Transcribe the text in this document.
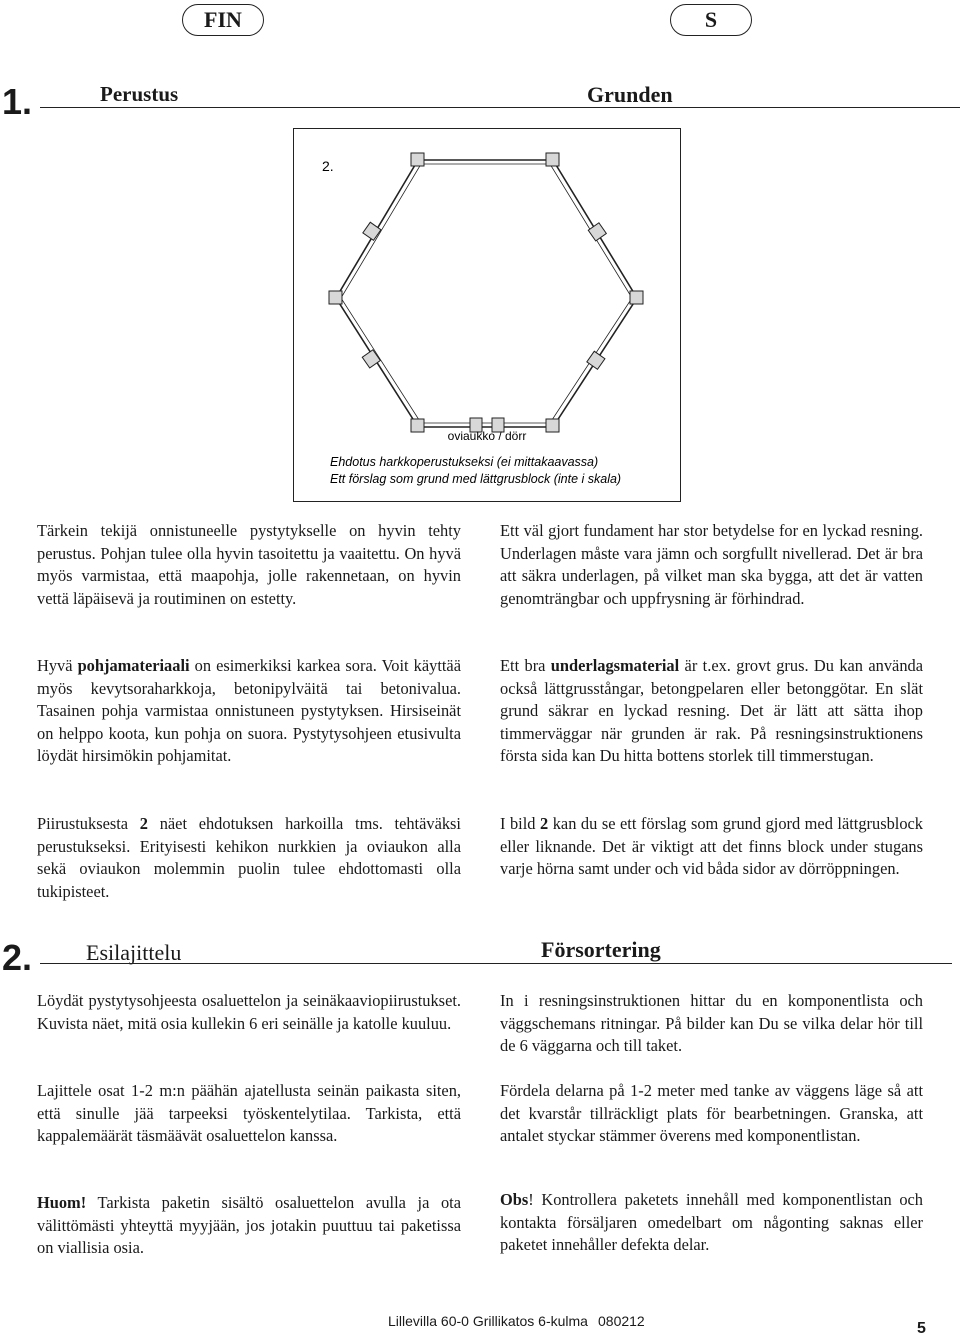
FIN	S
1.	Perustus	Grunden
2.
oviaukko / dörr
Ehdotus harkkoperustukseksi (ei mittakaavassa)
Ett förslag som grund med lättgrusblock (inte i skala)

Tärkein tekijä onnistuneelle pystytykselle on hyvin tehty perustus. Pohjan tulee olla hyvin tasoitettu ja vaaitettu. On hyvä myös varmistaa, että maapohja, jolle rakennetaan, on hyvin vettä läpäisevä ja routiminen on estetty.

Hyvä pohjamateriaali on esimerkiksi karkea sora. Voit käyttää myös kevytsoraharkkoja, betonipylväitä tai betonivalua. Tasainen pohja varmistaa onnistuneen pystytyksen. Hirsiseinät on helppo koota, kun pohja on suora. Pystytysohjeen etusivulta löydät hirsimökin pohjamitat.

Piirustuksesta 2 näet ehdotuksen harkoilla tms. tehtäväksi perustukseksi. Erityisesti kehikon nurkkien ja oviaukon alla sekä oviaukon molemmin puolin tulee ehdottomasti olla tukipisteet.

Ett väl gjort fundament har stor betydelse for en lyckad resning. Underlagen måste vara jämn och sorgfullt nivellerad. Det är bra att säkra underlagen, på vilket man ska bygga, att det är vatten genomträngbar och uppfrysning är förhindrad.

Ett bra underlagsmaterial är t.ex. grovt grus. Du kan använda också lättgrusstångar, betongpelaren eller betonggötar. En slät grund säkrar en lyckad resning. Det är lätt att sätta ihop timmerväggar när grunden är rak. På resningsinstruktionens första sida kan Du hitta bottens storlek till timmerstugan.

I bild 2 kan du se ett förslag som grund gjord med lättgrusblock eller liknande. Det är viktigt att det finns block under stugans varje hörna samt under och vid båda sidor av dörröppningen.

2. Esilajittelu	Försortering

Löydät pystytysohjeesta osaluettelon ja seinäkaaviopiirustukset. Kuvista näet, mitä osia kullekin 6 eri seinälle ja katolle kuuluu.

Lajittele osat 1-2 m:n päähän ajatellusta seinän paikasta siten, että sinulle jää tarpeeksi työskentelytilaa. Tarkista, että kappalemäärät täsmäävät osaluettelon kanssa.

Huom! Tarkista paketin sisältö osaluettelon avulla ja ota välittömästi yhteyttä myyjään, jos jotakin puuttuu tai paketissa on viallisia osia.

In i resningsinstruktionen hittar du en komponentlista och väggschemans ritningar. På bilder kan Du se vilka delar hör till de 6 väggarna och till taket.

Fördela delarna på 1-2 meter med tanke av väggens läge så att det kvarstår tillräckligt plats för bearbetningen. Granska, att antalet styckar stämmer överens med komponentlistan.

Obs! Kontrollera paketets innehåll med komponentlistan och kontakta försäljaren omedelbart om någonting saknas eller paketet innehåller defekta delar.

Lillevilla 60-0 Grillikatos 6-kulma 080212	5
